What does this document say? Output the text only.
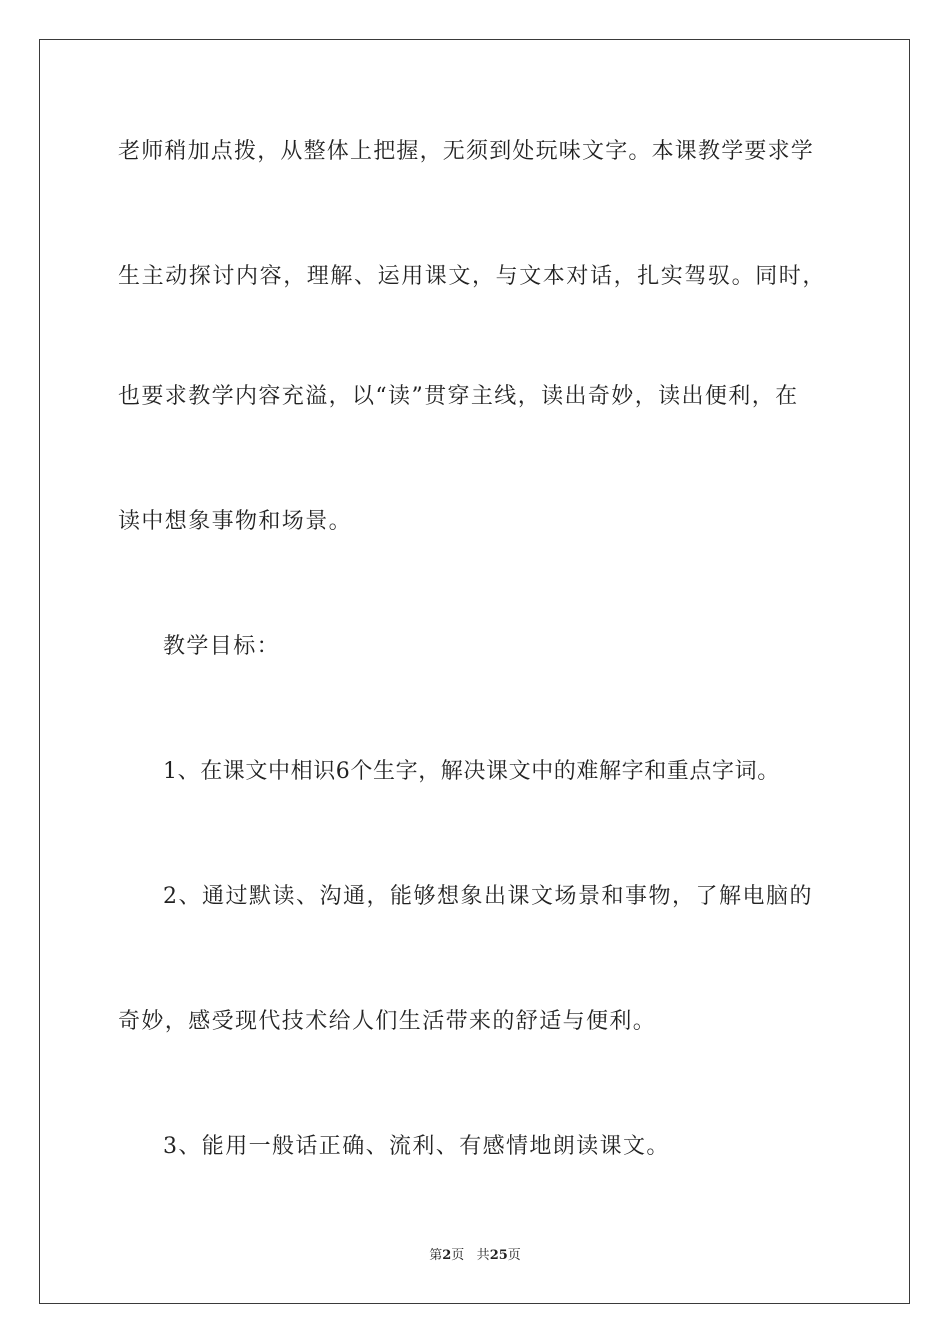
老师稍加点拨，从整体上把握，无须到处玩味文字。本课教学要求学
生主动探讨内容，理解、运用课文，与文本对话，扎实驾驭。同时，
也要求教学内容充溢，以“读”贯穿主线，读出奇妙，读出便利，在
读中想象事物和场景。
教学目标：
1、在课文中相识6个生字，解决课文中的难解字和重点字词。
2、通过默读、沟通，能够想象出课文场景和事物，了解电脑的
奇妙，感受现代技术给人们生活带来的舒适与便利。
3、能用一般话正确、流利、有感情地朗读课文。
第2页 共25页
